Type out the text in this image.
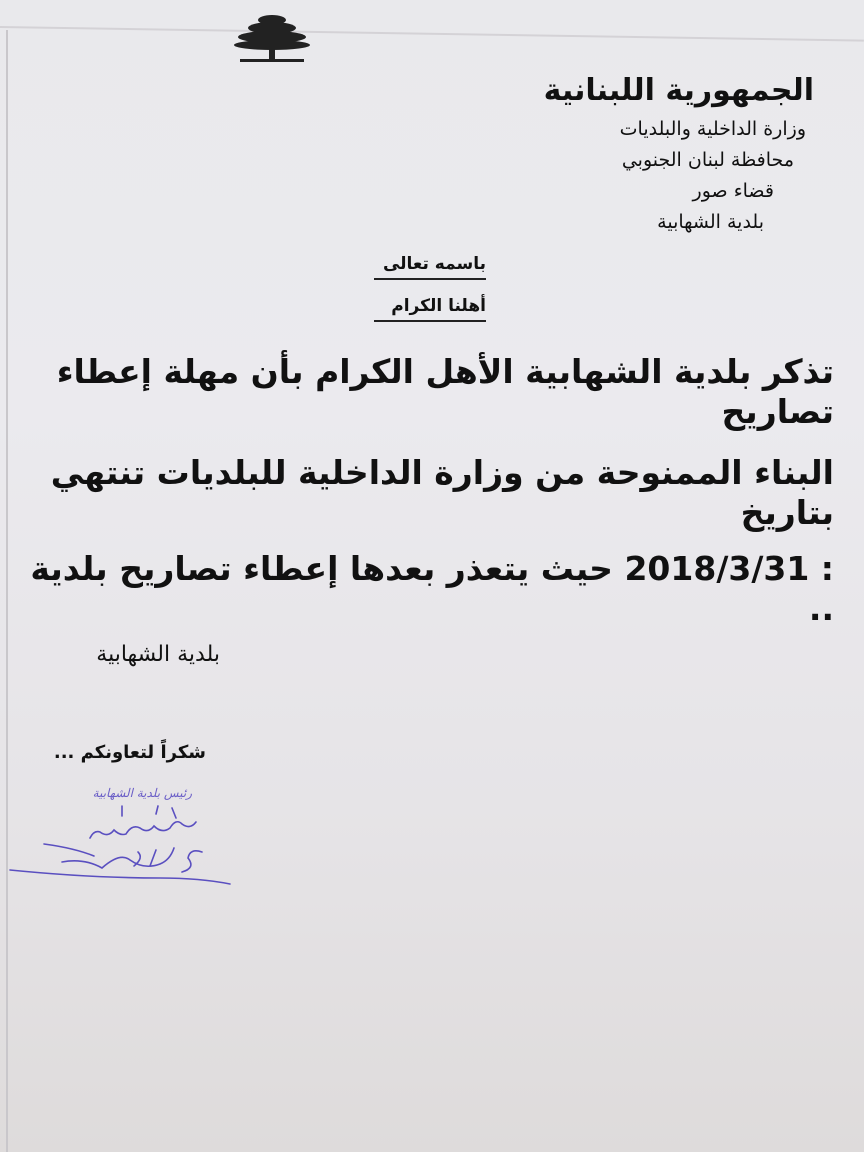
الجمهورية اللبنانية
وزارة الداخلية والبلديات
محافظة لبنان الجنوبي
قضاء صور
بلدية الشهابية
باسمه تعالى
أهلنا الكرام
تذكر بلدية الشهابية الأهل الكرام بأن مهلة إعطاء تصاريح
البناء الممنوحة من وزارة الداخلية للبلديات تنتهي بتاريخ
: 2018/3/31 حيث يتعذر بعدها إعطاء تصاريح بلدية ..
بلدية الشهابية
شكراً لتعاونكم ...
رئيس بلدية الشهابية
